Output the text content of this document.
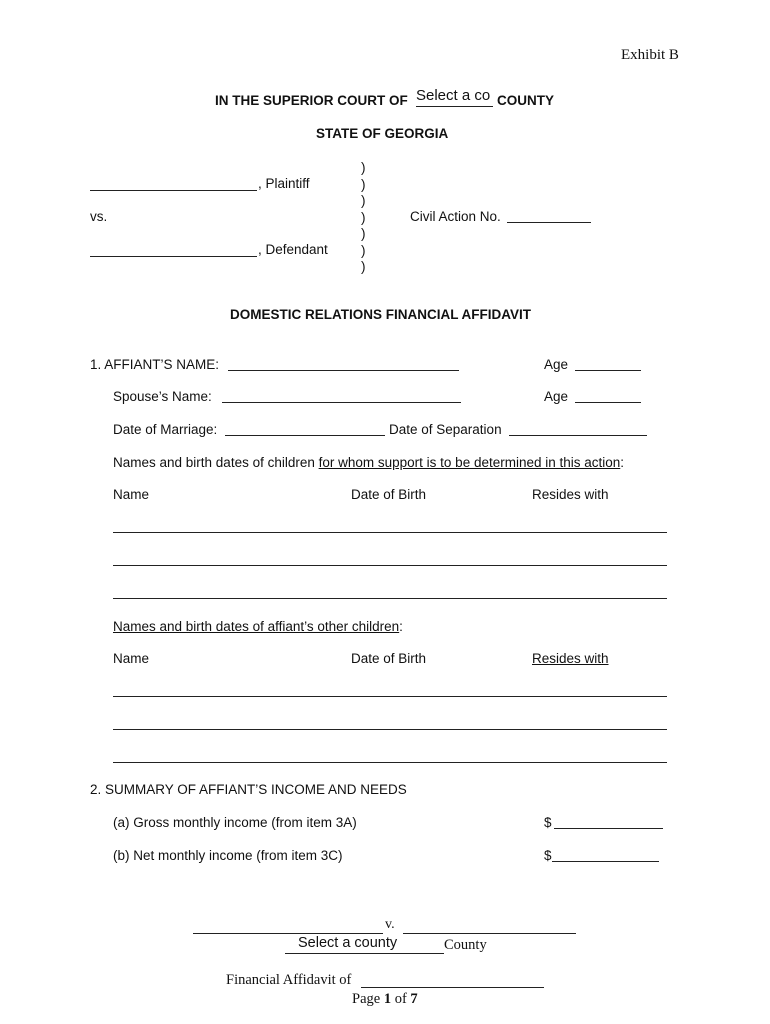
Exhibit B
IN THE SUPERIOR COURT OF Select a co COUNTY
STATE OF GEORGIA
)
)
)
)
)
)
)
, Plaintiff
vs.	Civil Action No.
, Defendant
DOMESTIC RELATIONS FINANCIAL AFFIDAVIT
1. AFFIANT’S NAME:	Age
Spouse’s Name:	Age
Date of Marriage:	Date of Separation
Names and birth dates of children for whom support is to be determined in this action:
Name	Date of Birth	Resides with
Names and birth dates of affiant’s other children:
Name	Date of Birth	Resides with
2. SUMMARY OF AFFIANT’S INCOME AND NEEDS
(a) Gross monthly income (from item 3A)	$
(b) Net monthly income (from item 3C)	$
v.
Select a county	County
Financial Affidavit of
Page 1 of 7
